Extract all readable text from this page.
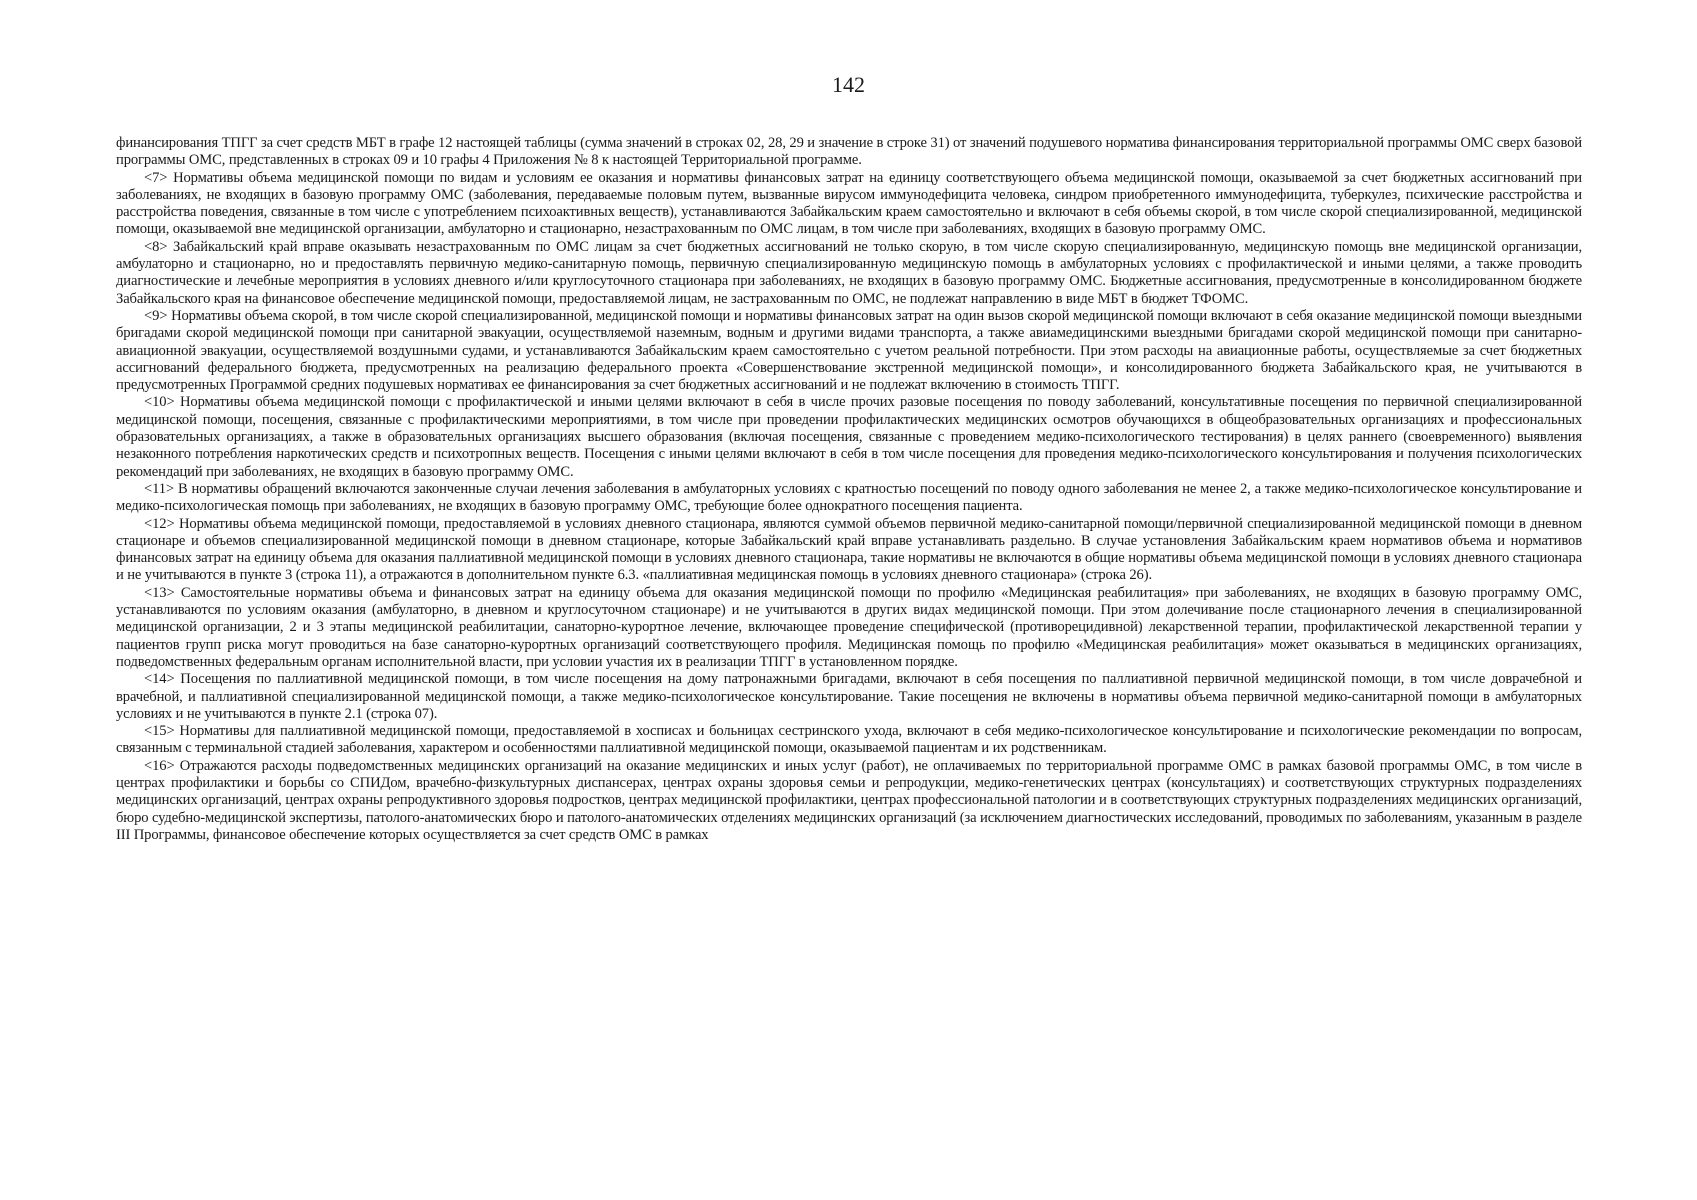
142

финансирования ТПГГ за счет средств МБТ в графе 12 настоящей таблицы (сумма значений в строках 02, 28, 29 и значение в строке 31) от значений подушевого норматива финансирования территориальной программы ОМС сверх базовой программы ОМС, представленных в строках 09 и 10 графы 4 Приложения № 8 к настоящей Территориальной программе.

<7> Нормативы объема медицинской помощи по видам и условиям ее оказания и нормативы финансовых затрат на единицу соответствующего объема медицинской помощи, оказываемой за счет бюджетных ассигнований при заболеваниях, не входящих в базовую программу ОМС (заболевания, передаваемые половым путем, вызванные вирусом иммунодефицита человека, синдром приобретенного иммунодефицита, туберкулез, психические расстройства и расстройства поведения, связанные в том числе с употреблением психоактивных веществ), устанавливаются Забайкальским краем самостоятельно и включают в себя объемы скорой, в том числе скорой специализированной, медицинской помощи, оказываемой вне медицинской организации, амбулаторно и стационарно, незастрахованным по ОМС лицам, в том числе при заболеваниях, входящих в базовую программу ОМС.

<8> Забайкальский край вправе оказывать незастрахованным по ОМС лицам за счет бюджетных ассигнований не только скорую, в том числе скорую специализированную, медицинскую помощь вне медицинской организации, амбулаторно и стационарно, но и предоставлять первичную медико-санитарную помощь, первичную специализированную медицинскую помощь в амбулаторных условиях с профилактической и иными целями, а также проводить диагностические и лечебные мероприятия в условиях дневного и/или круглосуточного стационара при заболеваниях, не входящих в базовую программу ОМС. Бюджетные ассигнования, предусмотренные в консолидированном бюджете Забайкальского края на финансовое обеспечение медицинской помощи, предоставляемой лицам, не застрахованным по ОМС, не подлежат направлению в виде МБТ в бюджет ТФОМС.

<9> Нормативы объема скорой, в том числе скорой специализированной, медицинской помощи и нормативы финансовых затрат на один вызов скорой медицинской помощи включают в себя оказание медицинской помощи выездными бригадами скорой медицинской помощи при санитарной эвакуации, осуществляемой наземным, водным и другими видами транспорта, а также авиамедицинскими выездными бригадами скорой медицинской помощи при санитарно-авиационной эвакуации, осуществляемой воздушными судами, и устанавливаются Забайкальским краем самостоятельно с учетом реальной потребности. При этом расходы на авиационные работы, осуществляемые за счет бюджетных ассигнований федерального бюджета, предусмотренных на реализацию федерального проекта «Совершенствование экстренной медицинской помощи», и консолидированного бюджета Забайкальского края, не учитываются в предусмотренных Программой средних подушевых нормативах ее финансирования за счет бюджетных ассигнований и не подлежат включению в стоимость ТПГГ.

<10> Нормативы объема медицинской помощи с профилактической и иными целями включают в себя в числе прочих разовые посещения по поводу заболеваний, консультативные посещения по первичной специализированной медицинской помощи, посещения, связанные с профилактическими мероприятиями, в том числе при проведении профилактических медицинских осмотров обучающихся в общеобразовательных организациях и профессиональных образовательных организациях, а также в образовательных организациях высшего образования (включая посещения, связанные с проведением медико-психологического тестирования) в целях раннего (своевременного) выявления незаконного потребления наркотических средств и психотропных веществ. Посещения с иными целями включают в себя в том числе посещения для проведения медико-психологического консультирования и получения психологических рекомендаций при заболеваниях, не входящих в базовую программу ОМС.

<11> В нормативы обращений включаются законченные случаи лечения заболевания в амбулаторных условиях с кратностью посещений по поводу одного заболевания не менее 2, а также медико-психологическое консультирование и медико-психологическая помощь при заболеваниях, не входящих в базовую программу ОМС, требующие более однократного посещения пациента.

<12> Нормативы объема медицинской помощи, предоставляемой в условиях дневного стационара, являются суммой объемов первичной медико-санитарной помощи/первичной специализированной медицинской помощи в дневном стационаре и объемов специализированной медицинской помощи в дневном стационаре, которые Забайкальский край вправе устанавливать раздельно. В случае установления Забайкальским краем нормативов объема и нормативов финансовых затрат на единицу объема для оказания паллиативной медицинской помощи в условиях дневного стационара, такие нормативы не включаются в общие нормативы объема медицинской помощи в условиях дневного стационара и не учитываются в пункте 3 (строка 11), а отражаются в дополнительном пункте 6.3. «паллиативная медицинская помощь в условиях дневного стационара» (строка 26).

<13> Самостоятельные нормативы объема и финансовых затрат на единицу объема для оказания медицинской помощи по профилю «Медицинская реабилитация» при заболеваниях, не входящих в базовую программу ОМС, устанавливаются по условиям оказания (амбулаторно, в дневном и круглосуточном стационаре) и не учитываются в других видах медицинской помощи. При этом долечивание после стационарного лечения в специализированной медицинской организации, 2 и 3 этапы медицинской реабилитации, санаторно-курортное лечение, включающее проведение специфической (противорецидивной) лекарственной терапии, профилактической лекарственной терапии у пациентов групп риска могут проводиться на базе санаторно-курортных организаций соответствующего профиля. Медицинская помощь по профилю «Медицинская реабилитация» может оказываться в медицинских организациях, подведомственных федеральным органам исполнительной власти, при условии участия их в реализации ТПГГ в установленном порядке.

<14> Посещения по паллиативной медицинской помощи, в том числе посещения на дому патронажными бригадами, включают в себя посещения по паллиативной первичной медицинской помощи, в том числе доврачебной и врачебной, и паллиативной специализированной медицинской помощи, а также медико-психологическое консультирование. Такие посещения не включены в нормативы объема первичной медико-санитарной помощи в амбулаторных условиях и не учитываются в пункте 2.1 (строка 07).

<15> Нормативы для паллиативной медицинской помощи, предоставляемой в хосписах и больницах сестринского ухода, включают в себя медико-психологическое консультирование и психологические рекомендации по вопросам, связанным с терминальной стадией заболевания, характером и особенностями паллиативной медицинской помощи, оказываемой пациентам и их родственникам.

<16> Отражаются расходы подведомственных медицинских организаций на оказание медицинских и иных услуг (работ), не оплачиваемых по территориальной программе ОМС в рамках базовой программы ОМС, в том числе в центрах профилактики и борьбы со СПИДом, врачебно-физкультурных диспансерах, центрах охраны здоровья семьи и репродукции, медико-генетических центрах (консультациях) и соответствующих структурных подразделениях медицинских организаций, центрах охраны репродуктивного здоровья подростков, центрах медицинской профилактики, центрах профессиональной патологии и в соответствующих структурных подразделениях медицинских организаций, бюро судебно-медицинской экспертизы, патолого-анатомических бюро и патолого-анатомических отделениях медицинских организаций (за исключением диагностических исследований, проводимых по заболеваниям, указанным в разделе III Программы, финансовое обеспечение которых осуществляется за счет средств ОМС в рамках
